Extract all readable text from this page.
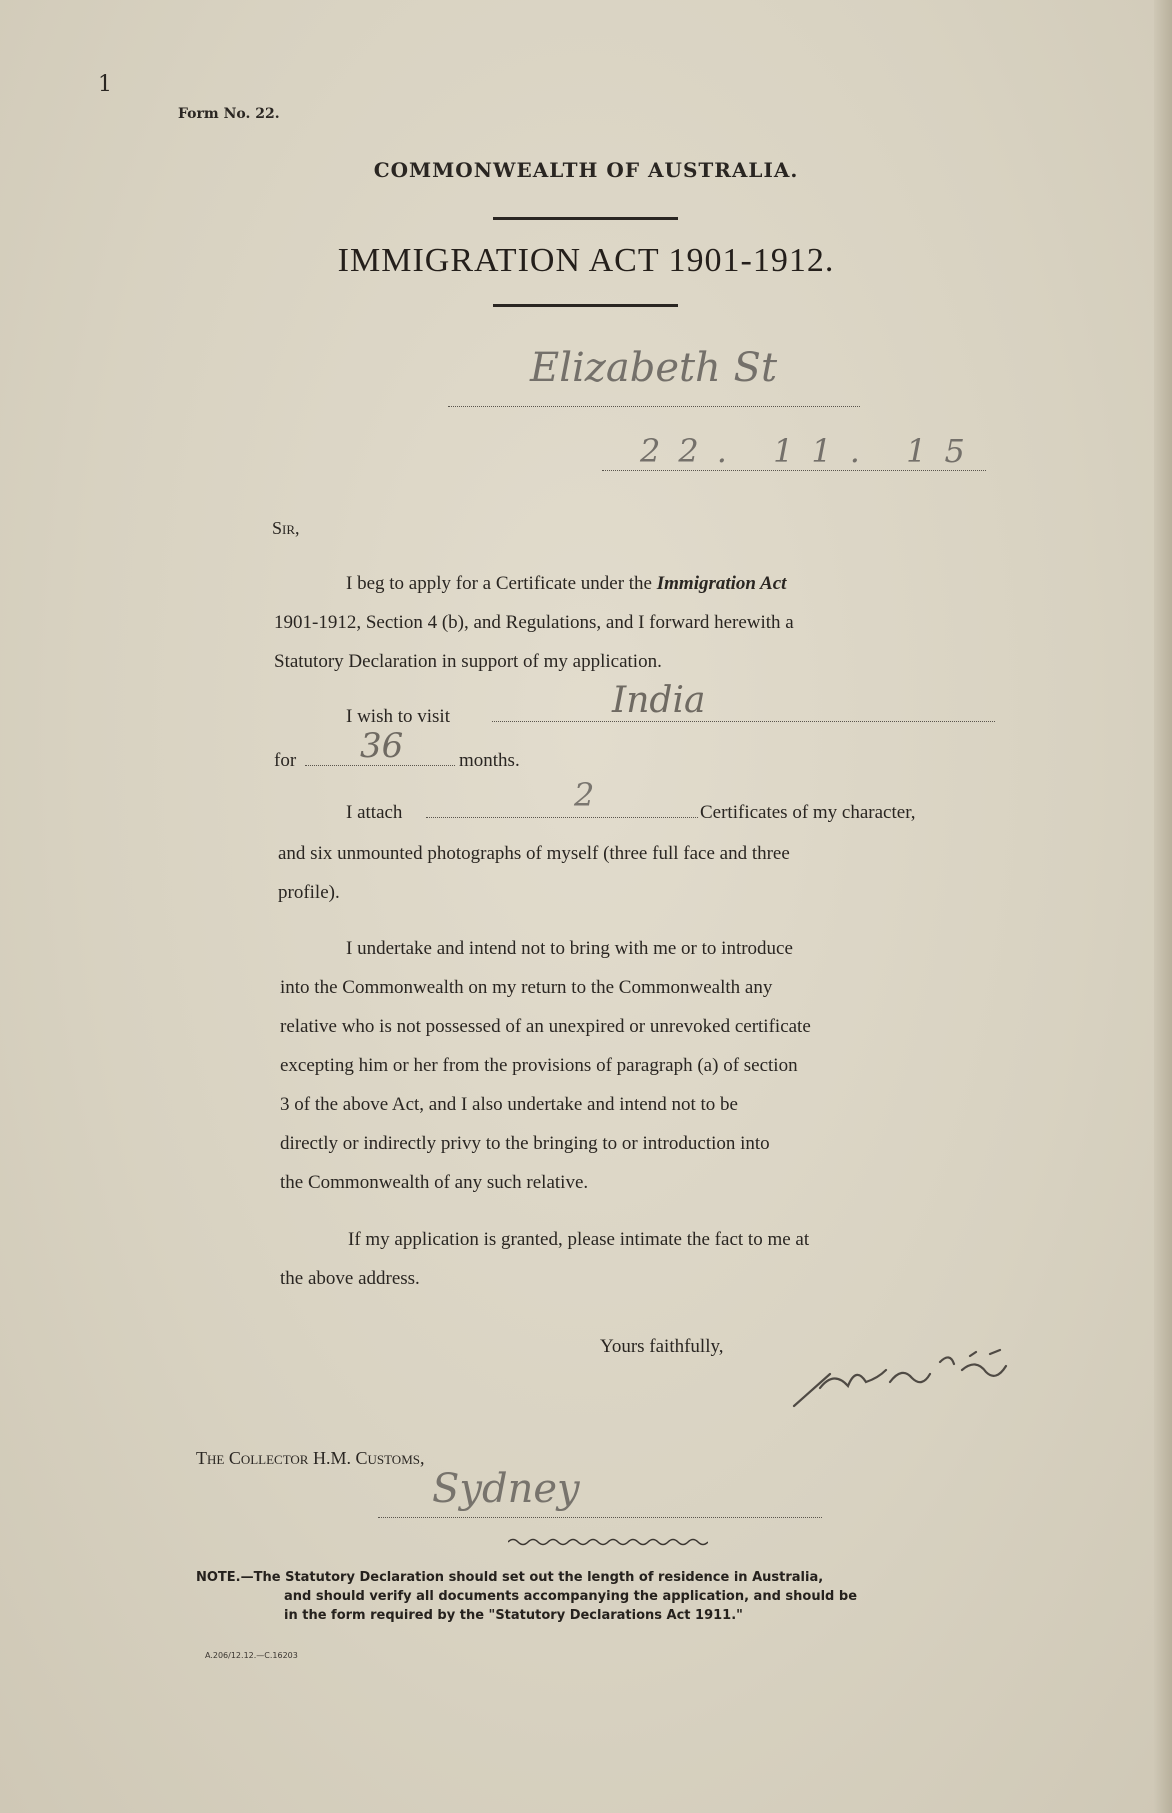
1
Form No. 22.
COMMONWEALTH OF AUSTRALIA.
IMMIGRATION ACT 1901-1912.
Elizabeth St
22. 11. 15
Sir,
I beg to apply for a Certificate under the Immigration Act
1901-1912, Section 4 (b), and Regulations, and I forward herewith a
Statutory Declaration in support of my application.
I wish to visit	India
for 36	months.
I attach	2	Certificates of my character,
and six unmounted photographs of myself (three full face and three
profile).
I undertake and intend not to bring with me or to introduce
into the Commonwealth on my return to the Commonwealth any
relative who is not possessed of an unexpired or unrevoked certificate
excepting him or her from the provisions of paragraph (a) of section
3 of the above Act, and I also undertake and intend not to be
directly or indirectly privy to the bringing to or introduction into
the Commonwealth of any such relative.
If my application is granted, please intimate the fact to me at
the above address.
Yours faithfully,
The Collector H.M. Customs,
Sydney
NOTE.—The Statutory Declaration should set out the length of residence in Australia,
and should verify all documents accompanying the application, and should be
in the form required by the "Statutory Declarations Act 1911."
A.206/12.12.—C.16203
